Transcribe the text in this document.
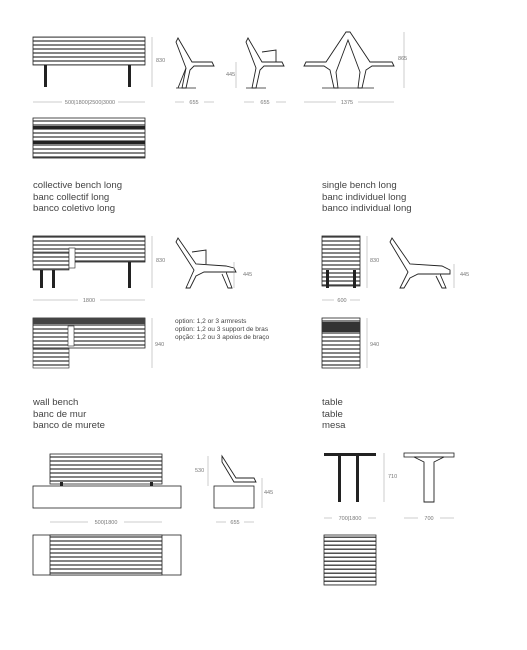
500|1800|2500|3000
830
655
445
655
865
1375
830
1800
445
940
830
600
445
940
500|1800
530
445
655
710
700|1800	700
collective bench long
banc collectif long
banco coletivo long
single bench long
banc individuel long
banco individual long
option: 1,2 or 3 armrests
option: 1,2 ou 3 support de bras
opção: 1,2 ou 3 apoios de braço
wall bench
banc de mur
banco de murete
table
table
mesa
